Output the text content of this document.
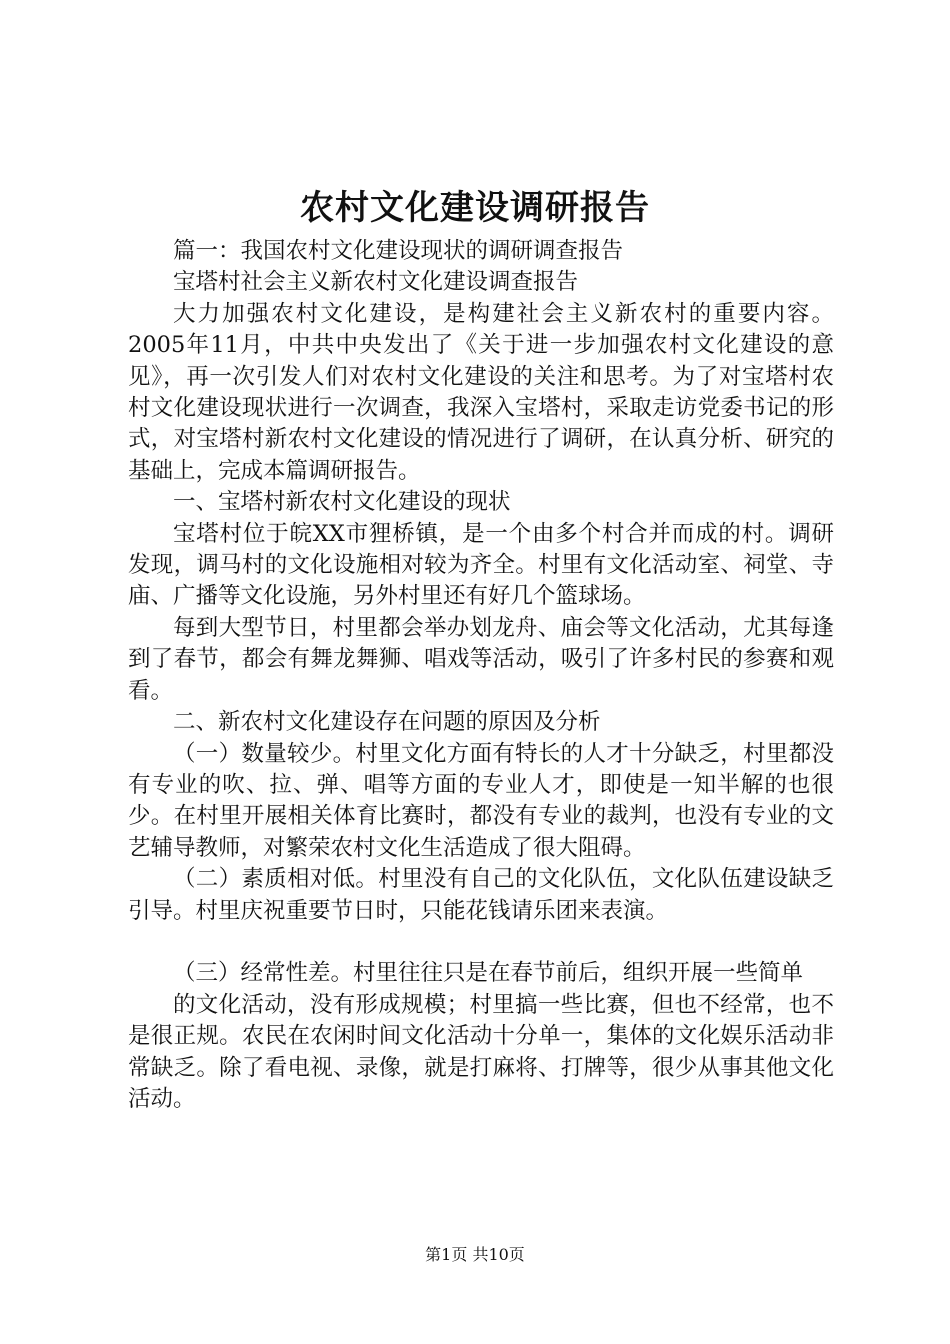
农村文化建设调研报告

篇一：我国农村文化建设现状的调研调查报告

宝塔村社会主义新农村文化建设调查报告

大力加强农村文化建设，是构建社会主义新农村的重要内容。2005年11月，中共中央发出了《关于进一步加强农村文化建设的意见》，再一次引发人们对农村文化建设的关注和思考。为了对宝塔村农村文化建设现状进行一次调查，我深入宝塔村，采取走访党委书记的形式，对宝塔村新农村文化建设的情况进行了调研，在认真分析、研究的基础上，完成本篇调研报告。

一、宝塔村新农村文化建设的现状

宝塔村位于皖XX市狸桥镇，是一个由多个村合并而成的村。调研发现，调马村的文化设施相对较为齐全。村里有文化活动室、祠堂、寺庙、广播等文化设施，另外村里还有好几个篮球场。

每到大型节日，村里都会举办划龙舟、庙会等文化活动，尤其每逢到了春节，都会有舞龙舞狮、唱戏等活动，吸引了许多村民的参赛和观看。

二、新农村文化建设存在问题的原因及分析

（一）数量较少。村里文化方面有特长的人才十分缺乏，村里都没有专业的吹、拉、弹、唱等方面的专业人才，即使是一知半解的也很少。在村里开展相关体育比赛时，都没有专业的裁判，也没有专业的文艺辅导教师，对繁荣农村文化生活造成了很大阻碍。

（二）素质相对低。村里没有自己的文化队伍，文化队伍建设缺乏引导。村里庆祝重要节日时，只能花钱请乐团来表演。

（三）经常性差。村里往往只是在春节前后，组织开展一些简单

的文化活动，没有形成规模；村里搞一些比赛，但也不经常，也不是很正规。农民在农闲时间文化活动十分单一，集体的文化娱乐活动非常缺乏。除了看电视、录像，就是打麻将、打牌等，很少从事其他文化活动。

第1页 共10页
